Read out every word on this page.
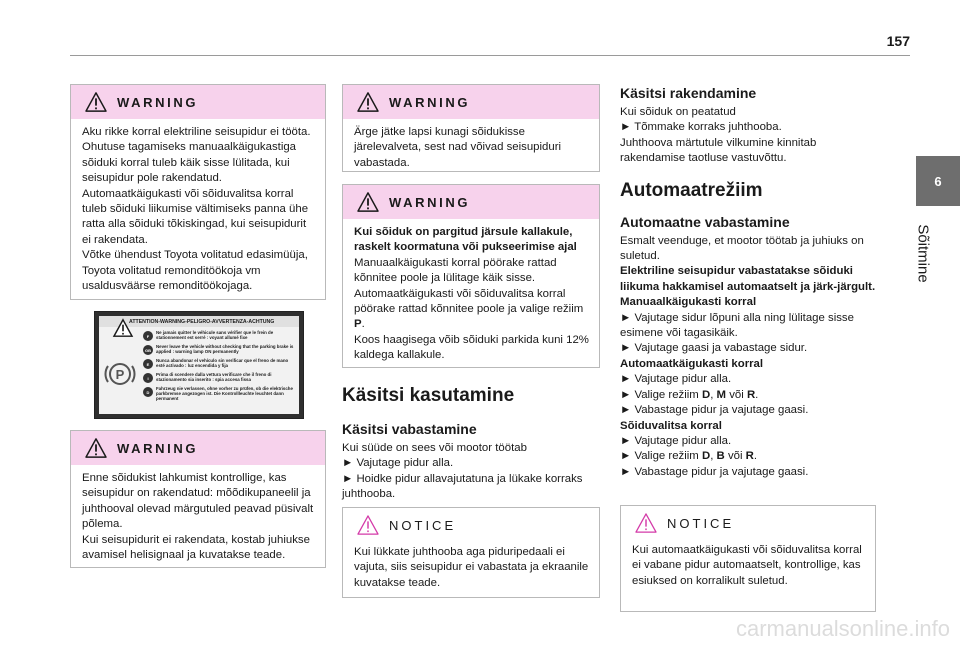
157
6
Sõitmine
WARNING

Aku rikke korral elektriline seisupidur ei tööta. Ohutuse tagamiseks manuaalkäigukastiga sõiduki korral tuleb käik sisse lülitada, kui seisupidur pole rakendatud.
Automaatkäigukasti või sõiduvalitsa korral tuleb sõiduki liikumise vältimiseks panna ühe ratta alla sõiduki tõkiskingad, kui seisupidurit ei rakendata.
Võtke ühendust Toyota volitatud edasimüüja, Toyota volitatud remonditöökoja vm usaldusväärse remonditöökojaga.

ATTENTION-WARNING-PELIGRO-AVVERTENZA-ACHTUNG
P
F
Ne jamais quitter le véhicule sans vérifier que le frein de stationnement est serré : voyant allumé fixe
GB
Never leave the vehicle without checking that the parking brake is applied : warning lamp ON permanently
E
Nunca abandonar el vehículo sin verificar que el freno de mano esté activado : luz encendida y fija
I
Prima di scendere dalla vettura verificare che il freno di stazionamento sia inserito : spia accesa fissa
D
Fahrzeug nie verlassen, ohne vorher zu prüfen, ob die elektrische parkbremse angezogen ist. Die Kontrollleuchte leuchtet dann permanent
WARNING

Enne sõidukist lahkumist kontrollige, kas seisupidur on rakendatud: mõõdikupaneelil ja juhthooval olevad märgutuled peavad püsivalt põlema.
Kui seisupidurit ei rakendata, kostab juhiukse avamisel helisignaal ja kuvatakse teade.

WARNING

Ärge jätke lapsi kunagi sõidukisse järelevalveta, sest nad võivad seisupiduri vabastada.

WARNING

Kui sõiduk on pargitud järsule kallakule, raskelt koormatuna või pukseerimise ajal

Manuaalkäigukasti korral pöörake rattad kõnnitee poole ja lülitage käik sisse.
Automaatkäigukasti või sõiduvalitsa korral pöörake rattad kõnnitee poole ja valige režiim P.

Koos haagisega võib sõiduki parkida kuni 12% kaldega kallakule.

Käsitsi kasutamine
Käsitsi vabastamine

Kui süüde on sees või mootor töötab
► Vajutage pidur alla.
► Hoidke pidur allavajutatuna ja lükake korraks juhthooba.

NOTICE

Kui lükkate juhthooba aga piduripedaali ei vajuta, siis seisupidur ei vabastata ja ekraanile kuvatakse teade.

Käsitsi rakendamine

Kui sõiduk on peatatud
► Tõmmake korraks juhthooba.
Juhthoova märtutule vilkumine kinnitab rakendamise taotluse vastuvõttu.

Automaatrežiim
Automaatne vabastamine

Esmalt veenduge, et mootor töötab ja juhiuks on suletud.

Elektriline seisupidur vabastatakse sõiduki liikuma hakkamisel automaatselt ja järk-järgult.

Manuaalkäigukasti korral

► Vajutage sidur lõpuni alla ning lülitage sisse esimene või tagasikäik.
► Vajutage gaasi ja vabastage sidur.

Automaatkäigukasti korral

► Vajutage pidur alla.

► Valige režiim D, M või R.

► Vabastage pidur ja vajutage gaasi.

Sõiduvalitsa korral

► Vajutage pidur alla.

► Valige režiim D, B või R.

► Vabastage pidur ja vajutage gaasi.

NOTICE

Kui automaatkäigukasti või sõiduvalitsa korral ei vabane pidur automaatselt, kontrollige, kas esiuksed on korralikult suletud.

carmanualsonline.info
